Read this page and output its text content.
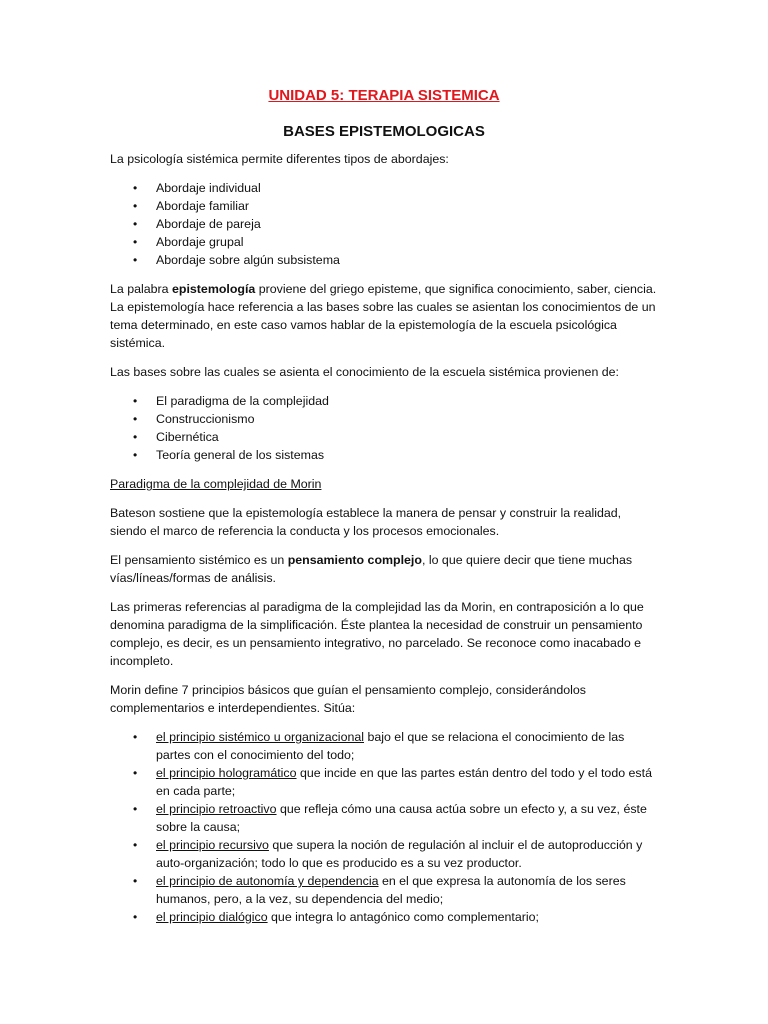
UNIDAD 5: TERAPIA SISTEMICA
BASES EPISTEMOLOGICAS

La psicología sistémica permite diferentes tipos de abordajes:

• Abordaje individual
• Abordaje familiar
• Abordaje de pareja
• Abordaje grupal
• Abordaje sobre algún subsistema

La palabra epistemología proviene del griego episteme, que significa conocimiento, saber, ciencia. La epistemología hace referencia a las bases sobre las cuales se asientan los conocimientos de un tema determinado, en este caso vamos hablar de la epistemología de la escuela psicológica sistémica.

Las bases sobre las cuales se asienta el conocimiento de la escuela sistémica provienen de:

• El paradigma de la complejidad
• Construccionismo
• Cibernética
• Teoría general de los sistemas

Paradigma de la complejidad de Morin

Bateson sostiene que la epistemología establece la manera de pensar y construir la realidad, siendo el marco de referencia la conducta y los procesos emocionales.

El pensamiento sistémico es un pensamiento complejo, lo que quiere decir que tiene muchas vías/líneas/formas de análisis.

Las primeras referencias al paradigma de la complejidad las da Morin, en contraposición a lo que denomina paradigma de la simplificación. Éste plantea la necesidad de construir un pensamiento complejo, es decir, es un pensamiento integrativo, no parcelado. Se reconoce como inacabado e incompleto.

Morin define 7 principios básicos que guían el pensamiento complejo, considerándolos complementarios e interdependientes. Sitúa:

• el principio sistémico u organizacional bajo el que se relaciona el conocimiento de las partes con el conocimiento del todo;
• el principio hologramático que incide en que las partes están dentro del todo y el todo está en cada parte;
• el principio retroactivo que refleja cómo una causa actúa sobre un efecto y, a su vez, éste sobre la causa;
• el principio recursivo que supera la noción de regulación al incluir el de autoproducción y auto-organización; todo lo que es producido es a su vez productor.
• el principio de autonomía y dependencia en el que expresa la autonomía de los seres humanos, pero, a la vez, su dependencia del medio;
• el principio dialógico que integra lo antagónico como complementario;
